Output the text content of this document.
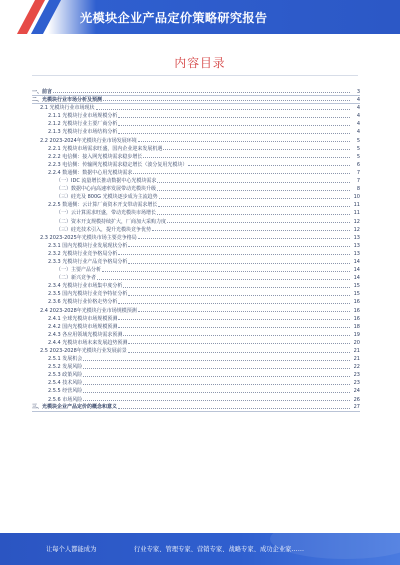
光模块企业产品定价策略研究报告
内容目录
一、前言	3
二、光模块行业市场分析及预测	4
2.1 光模块行业市场现状	4
2.1.1 光模块行业市场规模分析	4
2.1.2 光模块行业主要厂商分析	4
2.1.3 光模块行业市场结构分析	4
2.2 2023-2024年光模块行业市场发展环境	5
2.2.1 光模块市场需求旺盛，国内企业迎来发展机遇	5
2.2.2 电信侧：接入网光模块需求稳步增长	5
2.2.3 电信侧：传输网光模块需求稳定增长（波分复用光模块）	6
2.2.4 数通侧：数据中心用光模块需求	7
（一）IDC 流量增长推动数据中心光模块需求	7
（二）数据中心向高速率发展带动光模块升级	8
（三）硅光及 800G 光模块逐步成为主流趋势	10
2.2.5 数通侧：云计算厂商资本开支带动需求增长	11
（一）云计算需求旺盛，带动光模块市场增长	11
（二）资本开支规模持续扩大，厂商加大采购力度	12
（三）硅光技术引入，提升光模块竞争优势	12
2.3 2023-2025年光模块市场主要竞争格局	13
2.3.1 国内光模块行业发展现状分析	13
2.3.2 光模块行业竞争格局分析	13
2.3.3 光模块行业产品竞争格局分析	14
（一）主要产品分析	14
（二）新兴竞争者	14
2.3.4 光模块行业市场集中度分析	15
2.3.5 国内光模块行业竞争特征分析	15
2.3.6 光模块行业价格走势分析	16
2.4 2023-2028年光模块行业市场规模预测	16
2.4.1 全球光模块市场规模预测	16
2.4.2 国内光模块市场规模预测	18
2.4.3 各应用领域光模块需求预测	19
2.4.4 光模块市场未来发展趋势预测	20
2.5 2023-2028年光模块行业发展前景	21
2.5.1 发展机会	21
2.5.2 发展风险	22
2.5.3 政策风险	23
2.5.4 技术风险	23
2.5.5 经营风险	24
2.5.6 市场风险	26
三、光模块企业产品定价的概念和意义	27
让每个人都能成为	行业专家、管理专家、营销专家、战略专家、成功企业家……
